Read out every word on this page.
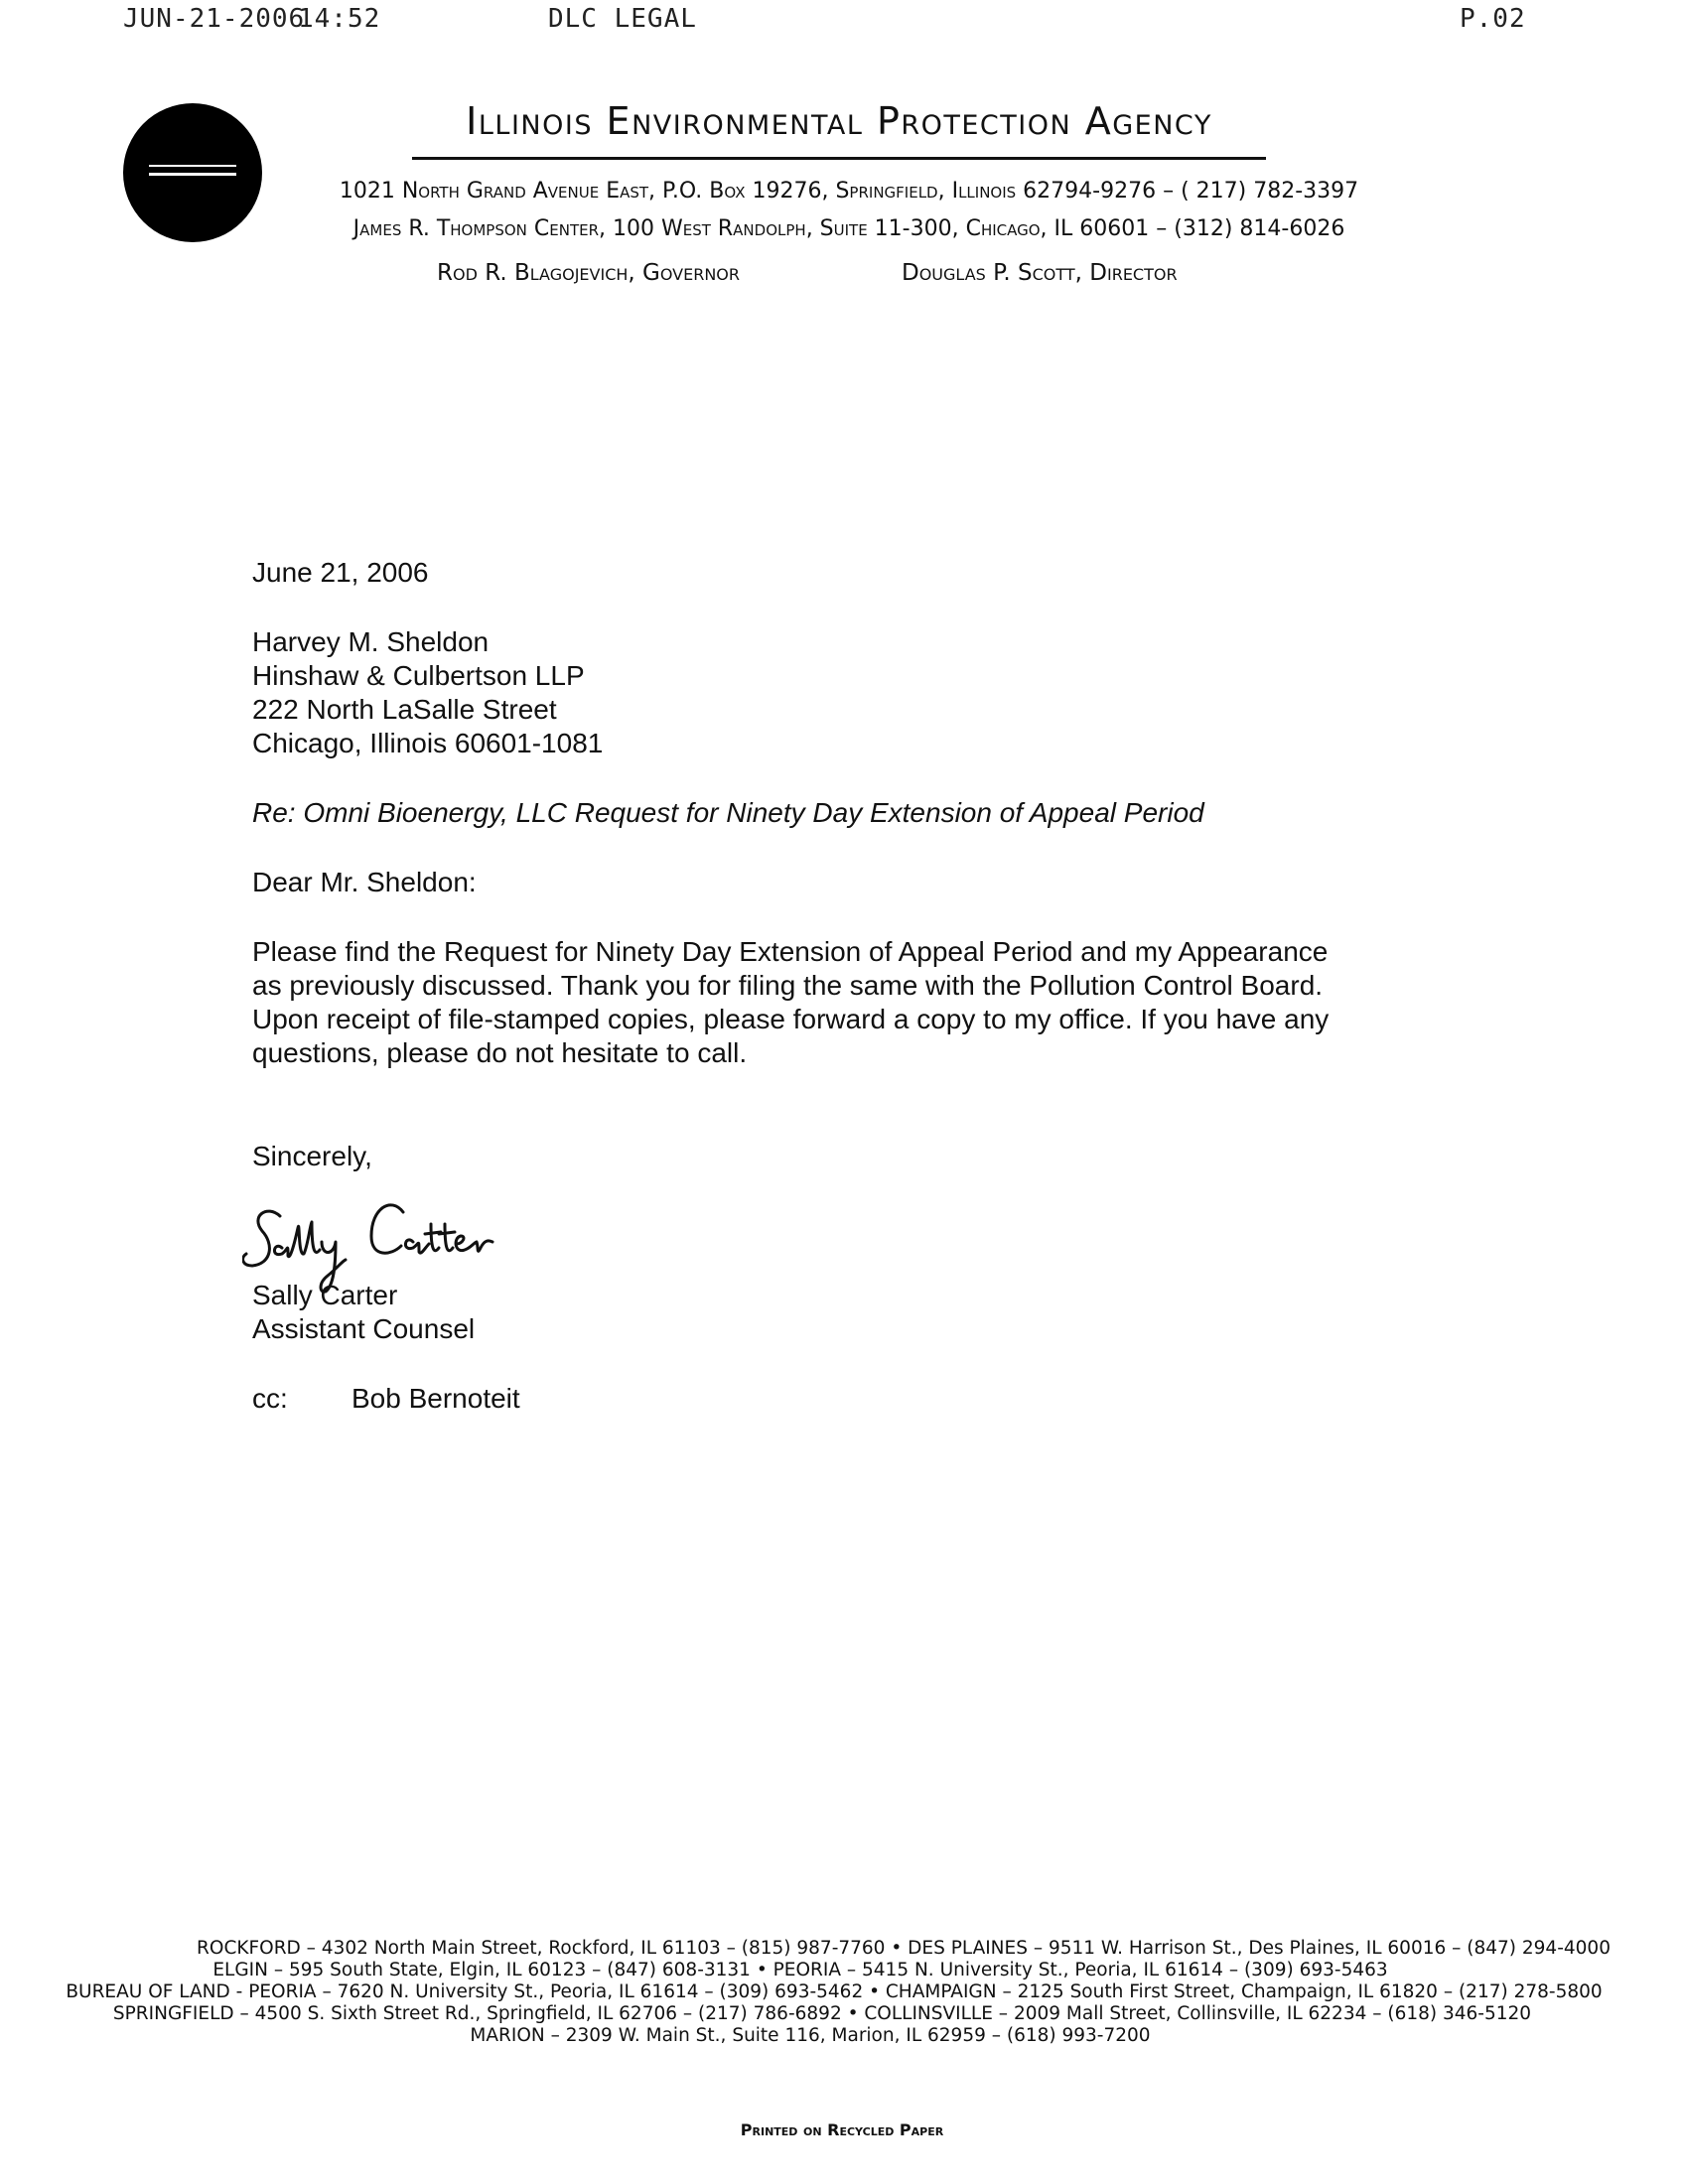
JUN-21-2006
14:52	DLC LEGAL	P.02
Illinois Environmental Protection Agency
1021 North Grand Avenue East, P.O. Box 19276, Springfield, Illinois 62794-9276 – ( 217) 782-3397
James R. Thompson Center, 100 West Randolph, Suite 11-300, Chicago, IL 60601 – (312) 814-6026
Rod R. Blagojevich, Governor	Douglas P. Scott, Director
June 21, 2006
Harvey M. Sheldon
Hinshaw & Culbertson LLP
222 North LaSalle Street
Chicago, Illinois 60601-1081
Re: Omni Bioenergy, LLC Request for Ninety Day Extension of Appeal Period
Dear Mr. Sheldon:
Please find the Request for Ninety Day Extension of Appeal Period and my Appearance
as previously discussed. Thank you for filing the same with the Pollution Control Board.
Upon receipt of file-stamped copies, please forward a copy to my office. If you have any
questions, please do not hesitate to call.
Sincerely,
Sally Carter
Assistant Counsel
cc: Bob Bernoteit
ROCKFORD – 4302 North Main Street, Rockford, IL 61103 – (815) 987-7760 • DES PLAINES – 9511 W. Harrison St., Des Plaines, IL 60016 – (847) 294-4000
ELGIN – 595 South State, Elgin, IL 60123 – (847) 608-3131 • PEORIA – 5415 N. University St., Peoria, IL 61614 – (309) 693-5463
BUREAU OF LAND - PEORIA – 7620 N. University St., Peoria, IL 61614 – (309) 693-5462 • CHAMPAIGN – 2125 South First Street, Champaign, IL 61820 – (217) 278-5800
SPRINGFIELD – 4500 S. Sixth Street Rd., Springfield, IL 62706 – (217) 786-6892 • COLLINSVILLE – 2009 Mall Street, Collinsville, IL 62234 – (618) 346-5120
MARION – 2309 W. Main St., Suite 116, Marion, IL 62959 – (618) 993-7200
Printed on Recycled Paper
